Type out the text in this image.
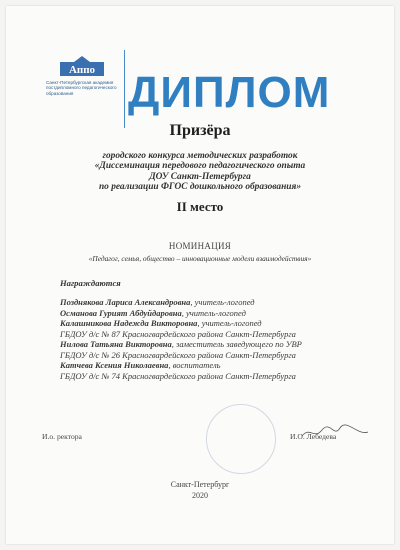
Аппо
Санкт-Петербургская академия постдипломного педагогического образования	ДИПЛОМ
Призёра
городского конкурса методических разработок
«Диссеминация передового педагогического опыта
ДОУ Санкт-Петербурга
по реализации ФГОС дошкольного образования»
II место
НОМИНАЦИЯ
«Педагог, семья, общество – инновационные модели взаимодействия»
Награждаются
Позднякова Лариса Александровна, учитель-логопед
Османова Гурият Абдуйдаровна, учитель-логопед
Калашникова Надежда Викторовна, учитель-логопед
ГБДОУ д/с № 87 Красногвардейского района Санкт-Петербурга
Нилова Татьяна Викторовна, заместитель заведующего по УВР
ГБДОУ д/с № 26 Красногвардейского района Санкт-Петербурга
Катчева Ксения Николаевна, воспитатель
ГБДОУ д/с № 74 Красногвардейского района Санкт-Петербурга
И.о. ректора	И.О. Лебедева
Санкт-Петербург
2020
